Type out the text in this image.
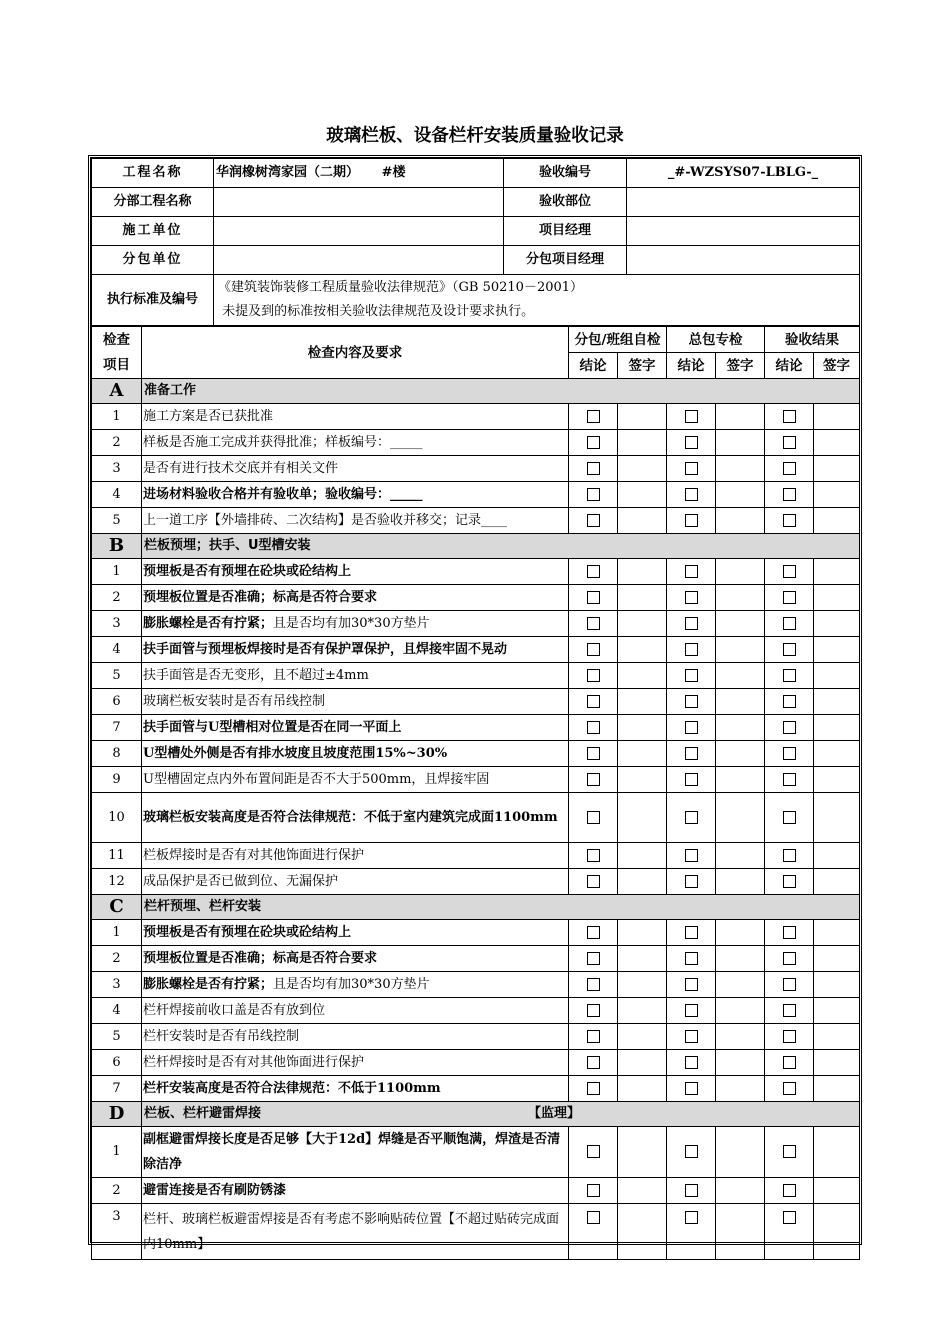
玻璃栏板、设备栏杆安装质量验收记录
工程名称	华润橡树湾家园（二期）     #楼	验收编号	_#-WZSYS07-LBLG-_
分部工程名称		验收部位	
施工单位		项目经理	
分包单位		分包项目经理	
执行标准及编号	《建筑装饰装修工程质量验收法律规范》（GB 50210－2001）
未提及到的标准按相关验收法律规范及设计要求执行。		
检查
项目	检查内容及要求	分包/班组自检		总包专检		验收结果	
		结论	签字	结论	签字	结论	签字
A	准备工作						
1	施工方案是否已获批准						
2	样板是否施工完成并获得批准；样板编号：_____						
3	是否有进行技术交底并有相关文件						
4	进场材料验收合格并有验收单；验收编号：_____						
5	上一道工序【外墙排砖、二次结构】是否验收并移交；记录____						
B	栏板预埋；扶手、U型槽安装						
1	预埋板是否有预埋在砼块或砼结构上						
2	预埋板位置是否准确；标高是否符合要求						
3	膨胀螺栓是否有拧紧；且是否均有加30*30方垫片						
4	扶手面管与预埋板焊接时是否有保护罩保护，且焊接牢固不晃动						
5	扶手面管是否无变形，且不超过±4mm						
6	玻璃栏板安装时是否有吊线控制						
7	扶手面管与U型槽相对位置是否在同一平面上						
8	U型槽处外侧是否有排水坡度且坡度范围15%~30%						
9	U型槽固定点内外布置间距是否不大于500mm，且焊接牢固						
10	玻璃栏板安装高度是否符合法律规范：不低于室内建筑完成面1100mm						
11	栏板焊接时是否有对其他饰面进行保护						
12	成品保护是否已做到位、无漏保护						
C	栏杆预埋、栏杆安装						
1	预埋板是否有预埋在砼块或砼结构上						
2	预埋板位置是否准确；标高是否符合要求						
3	膨胀螺栓是否有拧紧；且是否均有加30*30方垫片						
4	栏杆焊接前收口盖是否有放到位						
5	栏杆安装时是否有吊线控制						
6	栏杆焊接时是否有对其他饰面进行保护						
7	栏杆安装高度是否符合法律规范：不低于1100mm						
D	栏板、栏杆避雷焊接 【监理】						
1	副框避雷焊接长度是否足够【大于12d】焊缝是否平顺饱满，焊渣是否清除洁净						
2	避雷连接是否有刷防锈漆						
3	栏杆、玻璃栏板避雷焊接是否有考虑不影响贴砖位置【不超过贴砖完成面内10mm】						
